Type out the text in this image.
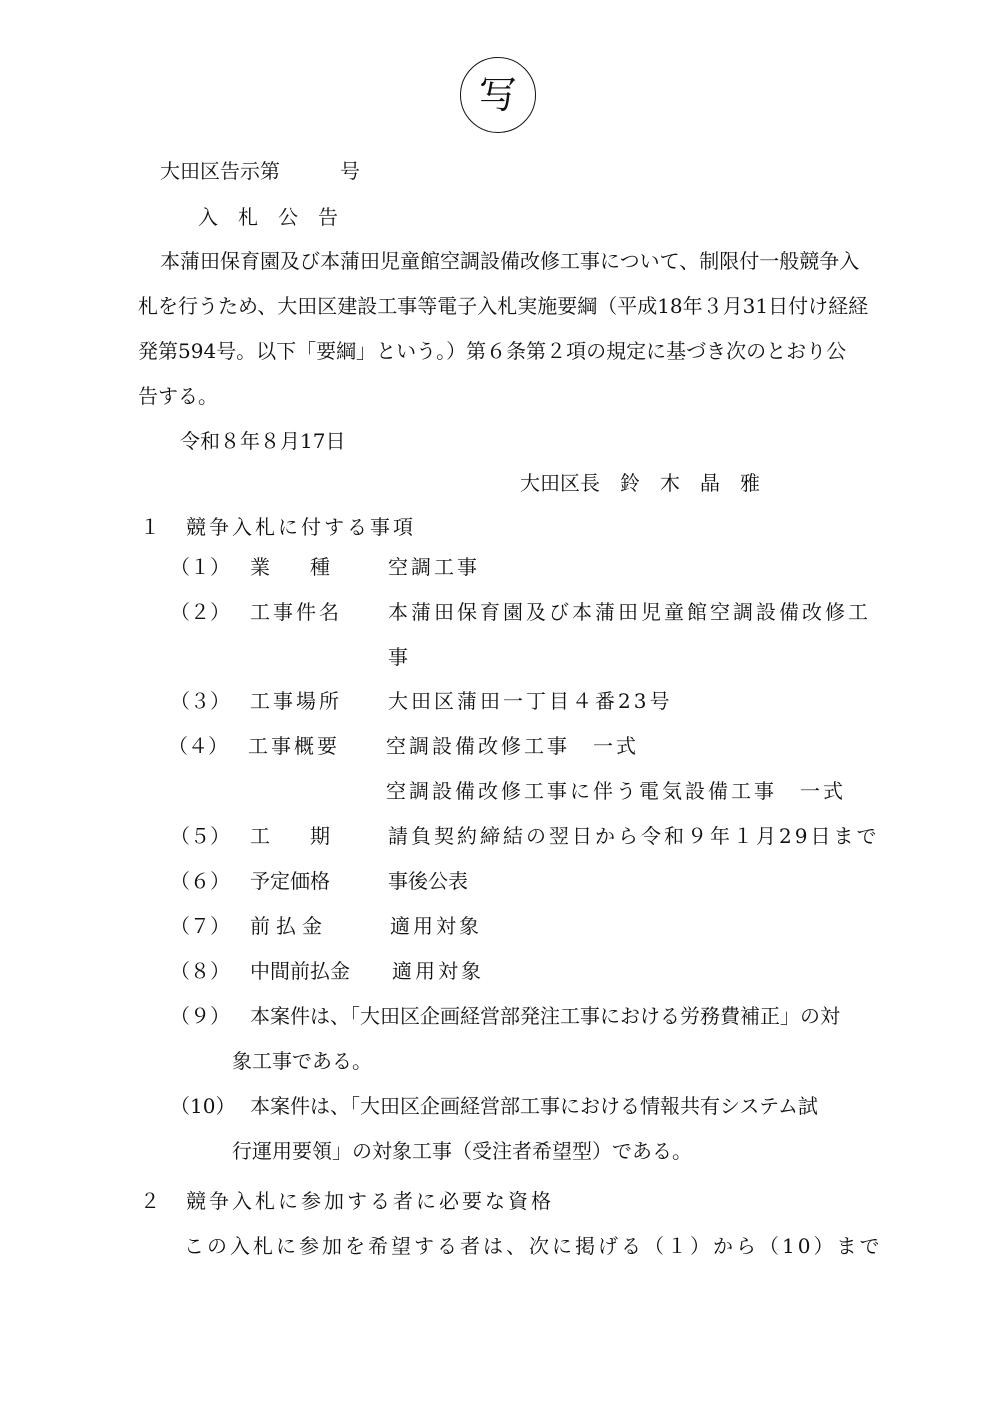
写
大田区告示第　　　号
入　札　公　告
本蒲田保育園及び本蒲田児童館空調設備改修工事について、制限付一般競争入
札を行うため、大田区建設工事等電子入札実施要綱（平成18年３月31日付け経経
発第594号。以下「要綱」という。）第６条第２項の規定に基づき次のとおり公
告する。
令和８年８月17日
大田区長　鈴　木　晶　雅
１　競争入札に付する事項
（１） 業　　種	空調工事
（２） 工事件名 本蒲田保育園及び本蒲田児童館空調設備改修工
事
（３） 工事場所 大田区蒲田一丁目４番23号
（４） 工事概要 空調設備改修工事　一式
空調設備改修工事に伴う電気設備工事　一式
（５） 工　　期	請負契約締結の翌日から令和９年１月29日まで
（６） 予定価格	事後公表
（７） 前払金	適用対象
（８） 中間前払金 適用対象
（９） 本案件は、「大田区企画経営部発注工事における労務費補正」の対
象工事である。
（10） 本案件は、「大田区企画経営部工事における情報共有システム試
行運用要領」の対象工事（受注者希望型）である。
２　競争入札に参加する者に必要な資格
この入札に参加を希望する者は、次に掲げる（１）から（10）まで
